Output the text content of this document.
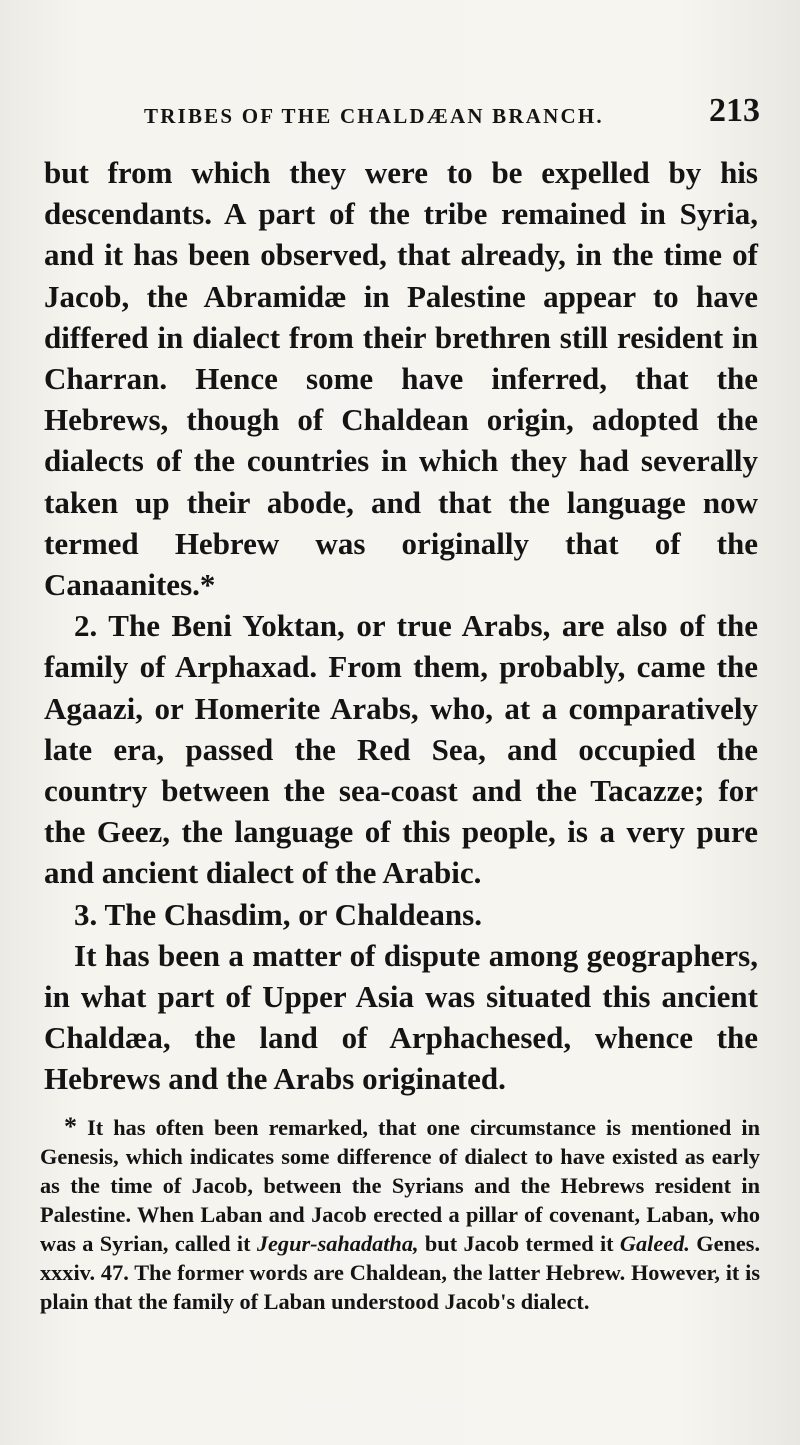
TRIBES OF THE CHALDÆAN BRANCH.	213

but from which they were to be expelled by his descendants. A part of the tribe remained in Syria, and it has been observed, that already, in the time of Jacob, the Abramidæ in Palestine appear to have differed in dialect from their brethren still resident in Charran. Hence some have inferred, that the Hebrews, though of Chaldean origin, adopted the dialects of the countries in which they had severally taken up their abode, and that the language now termed Hebrew was originally that of the Canaanites.*

2. The Beni Yoktan, or true Arabs, are also of the family of Arphaxad. From them, probably, came the Agaazi, or Homerite Arabs, who, at a comparatively late era, passed the Red Sea, and occupied the country between the sea-coast and the Tacazze; for the Geez, the language of this people, is a very pure and ancient dialect of the Arabic.

3. The Chasdim, or Chaldeans.

It has been a matter of dispute among geographers, in what part of Upper Asia was situated this ancient Chaldæa, the land of Arphachesed, whence the Hebrews and the Arabs originated.

* It has often been remarked, that one circumstance is mentioned in Genesis, which indicates some difference of dialect to have existed as early as the time of Jacob, between the Syrians and the Hebrews resident in Palestine. When Laban and Jacob erected a pillar of covenant, Laban, who was a Syrian, called it Jegur-sahadatha, but Jacob termed it Galeed. Genes. xxxiv. 47. The former words are Chaldean, the latter Hebrew. However, it is plain that the family of Laban understood Jacob's dialect.
